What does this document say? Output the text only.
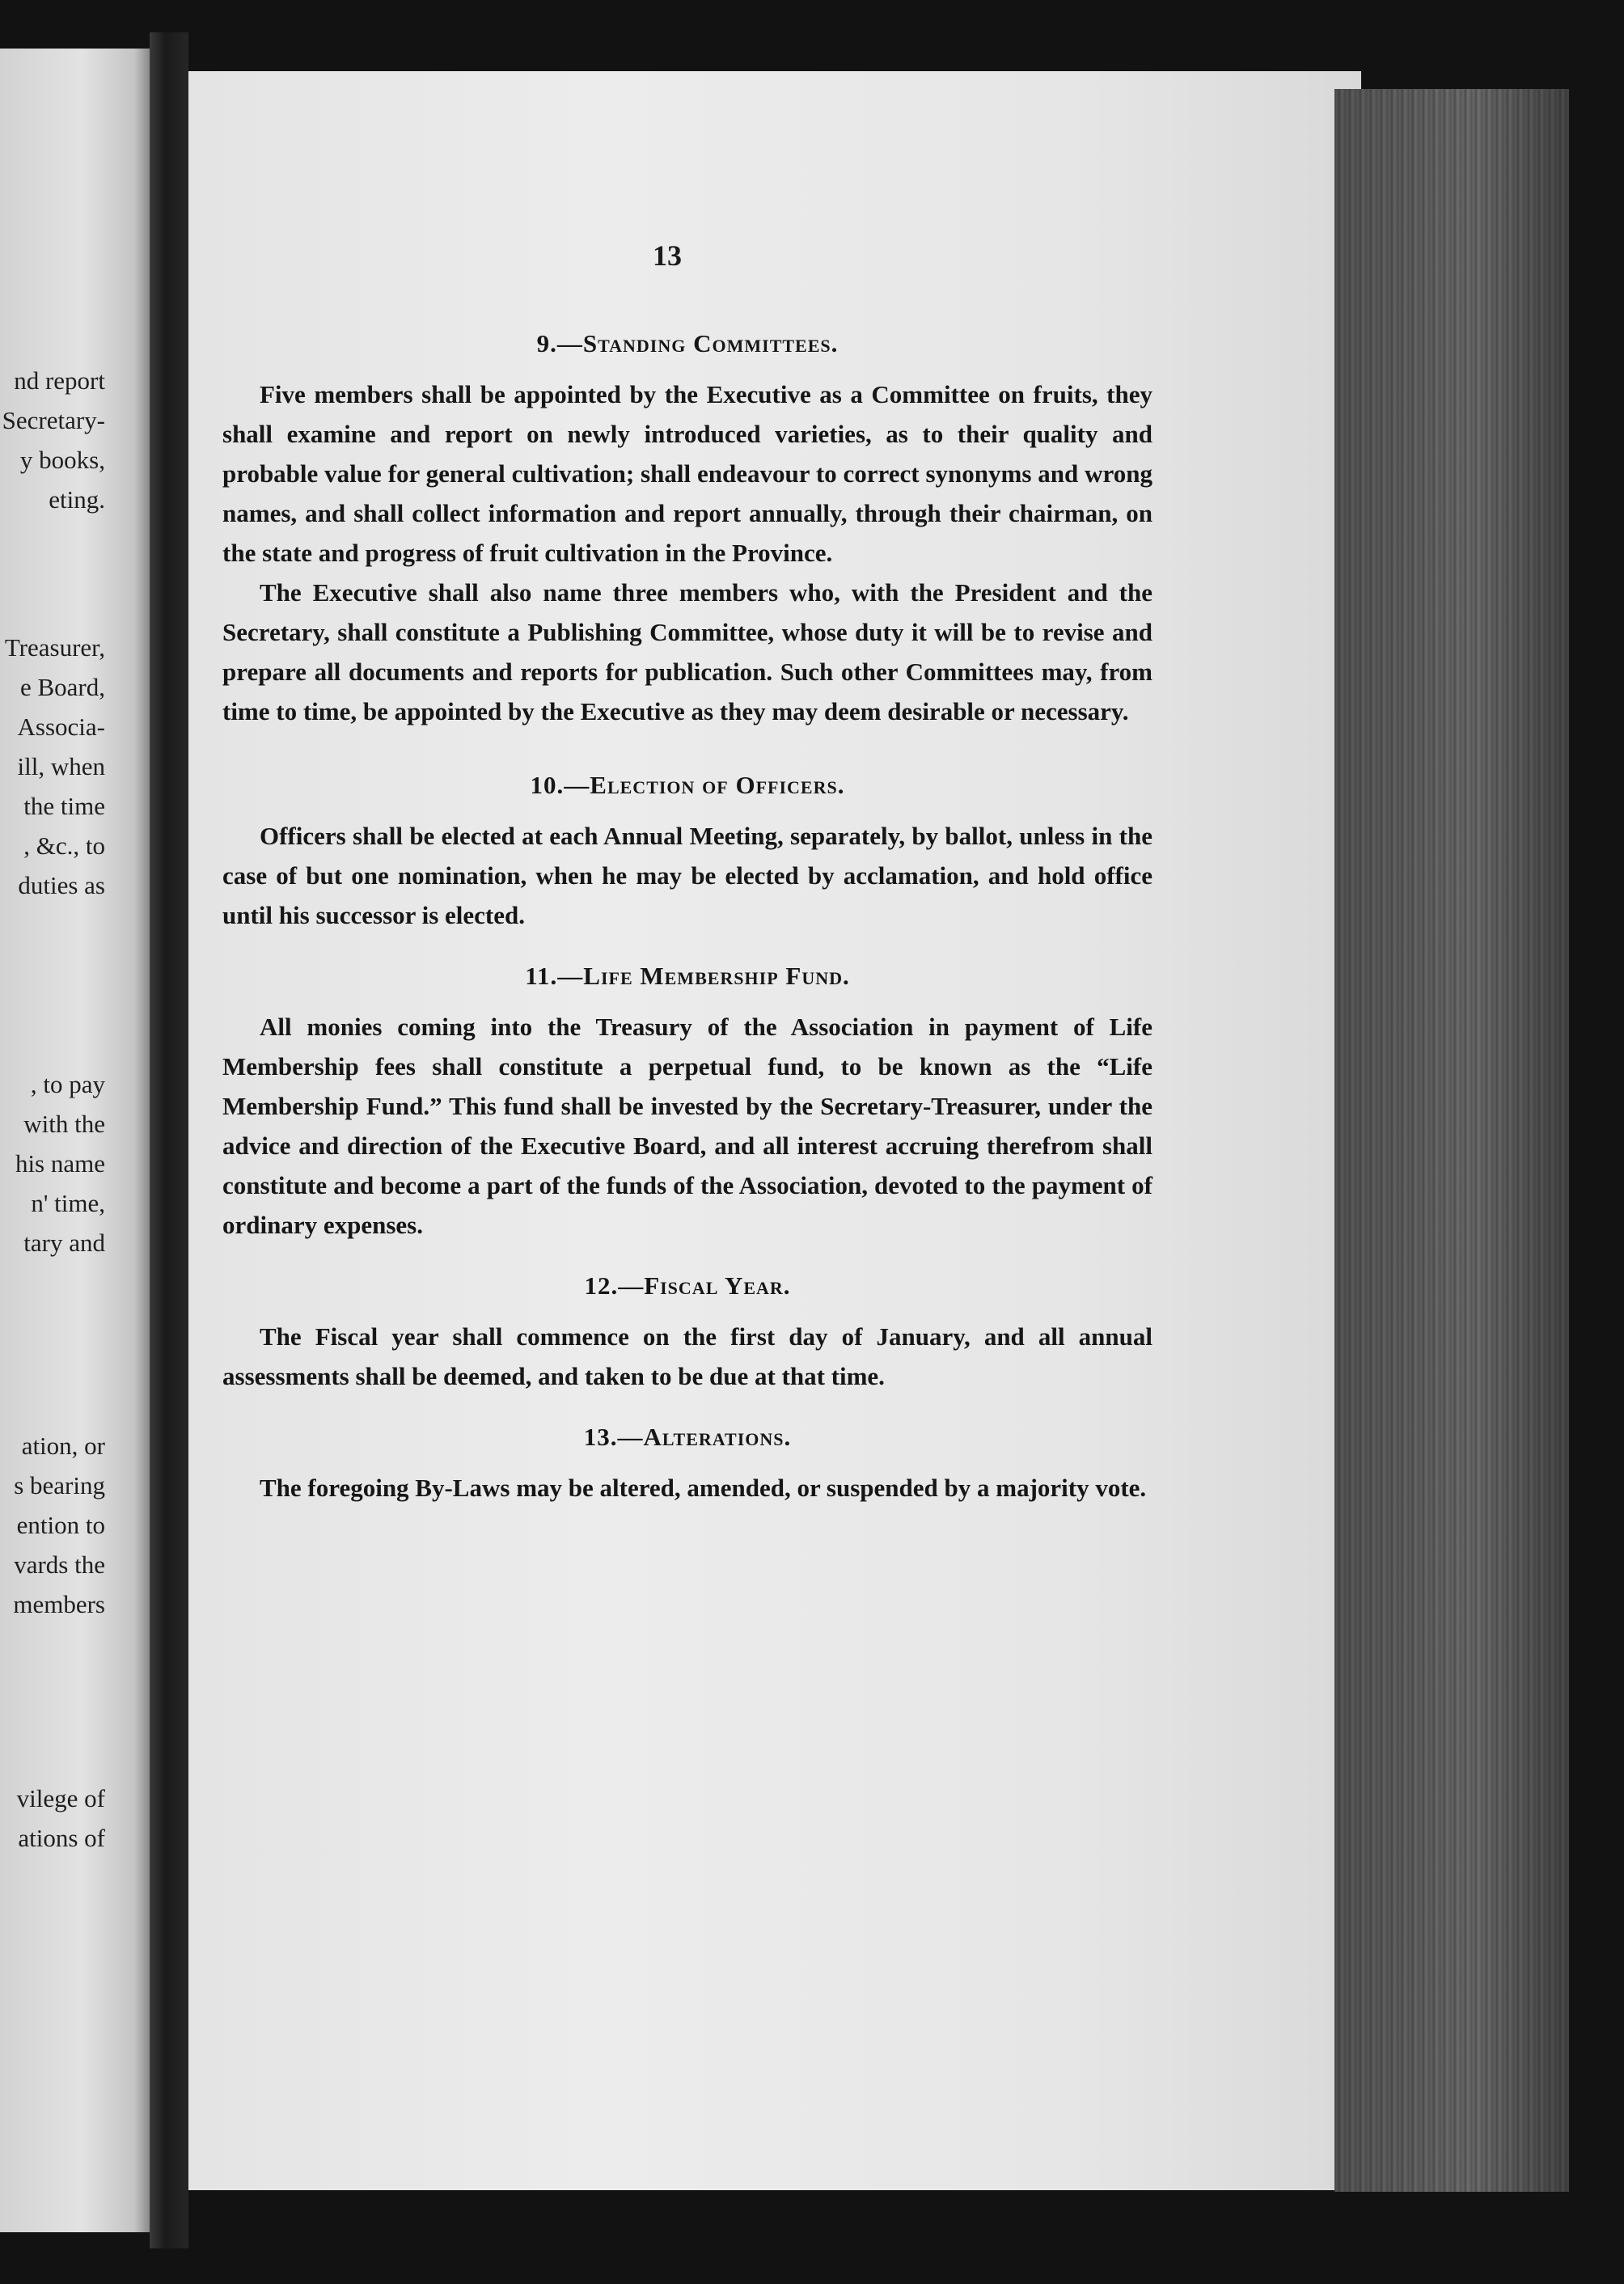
nd report
Secretary-
y books,
eting.
Treasurer,
e Board,
Associa-
ill, when
the time
, &c., to
duties as
, to pay
with the
his name
n' time,
tary and
ation, or
s bearing
ention to
vards the
members
vilege of
ations of
13
9.—Standing Committees.

Five members shall be appointed by the Executive as a Committee on fruits, they shall examine and report on newly introduced varieties, as to their quality and probable value for general cultivation; shall endeavour to correct synonyms and wrong names, and shall collect information and report annually, through their chairman, on the state and progress of fruit cultivation in the Province.

The Executive shall also name three members who, with the President and the Secretary, shall constitute a Publishing Committee, whose duty it will be to revise and prepare all documents and reports for publication. Such other Committees may, from time to time, be appointed by the Executive as they may deem desirable or necessary.

10.—Election of Officers.

Officers shall be elected at each Annual Meeting, separately, by ballot, unless in the case of but one nomination, when he may be elected by acclamation, and hold office until his successor is elected.

11.—Life Membership Fund.

All monies coming into the Treasury of the Association in payment of Life Membership fees shall constitute a perpetual fund, to be known as the “Life Membership Fund.” This fund shall be invested by the Secretary-Treasurer, under the advice and direction of the Executive Board, and all interest accruing therefrom shall constitute and become a part of the funds of the Association, devoted to the payment of ordinary expenses.

12.—Fiscal Year.

The Fiscal year shall commence on the first day of January, and all annual assessments shall be deemed, and taken to be due at that time.

13.—Alterations.

The foregoing By-Laws may be altered, amended, or suspended by a majority vote.
